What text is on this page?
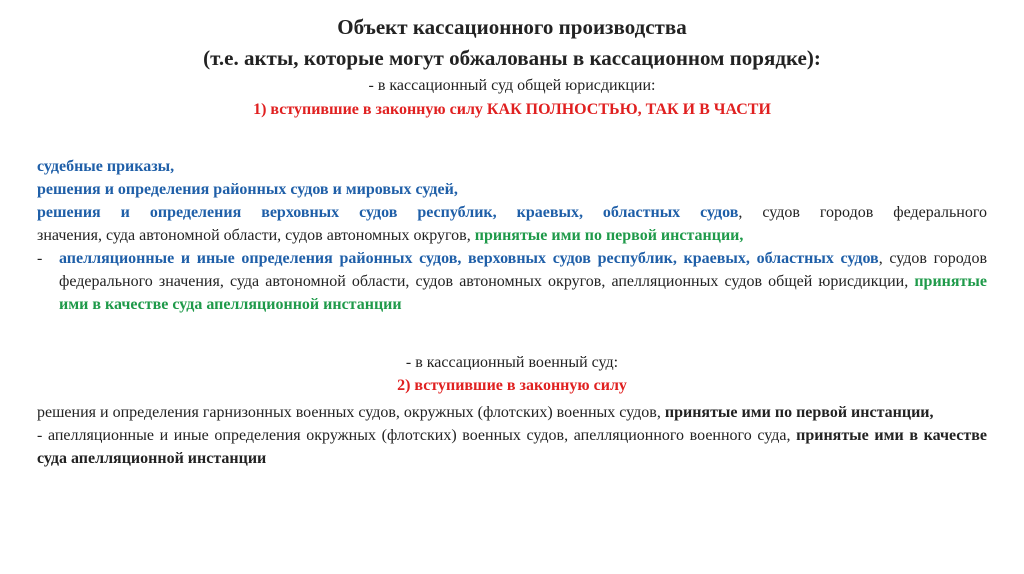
Объект кассационного производства
(т.е. акты, которые могут обжалованы в кассационном порядке):
- в кассационный суд общей юрисдикции:
1) вступившие в законную силу КАК ПОЛНОСТЬЮ, ТАК И В ЧАСТИ
судебные приказы,
решения и определения районных судов и мировых судей,
решения и определения верховных судов республик, краевых, областных судов, судов городов федерального
значения, суда автономной области, судов автономных округов, принятые ими по первой инстанции,
- апелляционные и иные определения районных судов, верховных судов республик, краевых, областных судов, судов городов федерального значения, суда автономной области, судов автономных округов, апелляционных судов общей юрисдикции, принятые ими в качестве суда апелляционной инстанции
- в кассационный военный суд:
2) вступившие в законную силу
решения и определения гарнизонных военных судов, окружных (флотских) военных судов, принятые ими по первой инстанции,
- апелляционные и иные определения окружных (флотских) военных судов, апелляционного военного суда, принятые ими в качестве суда апелляционной инстанции
